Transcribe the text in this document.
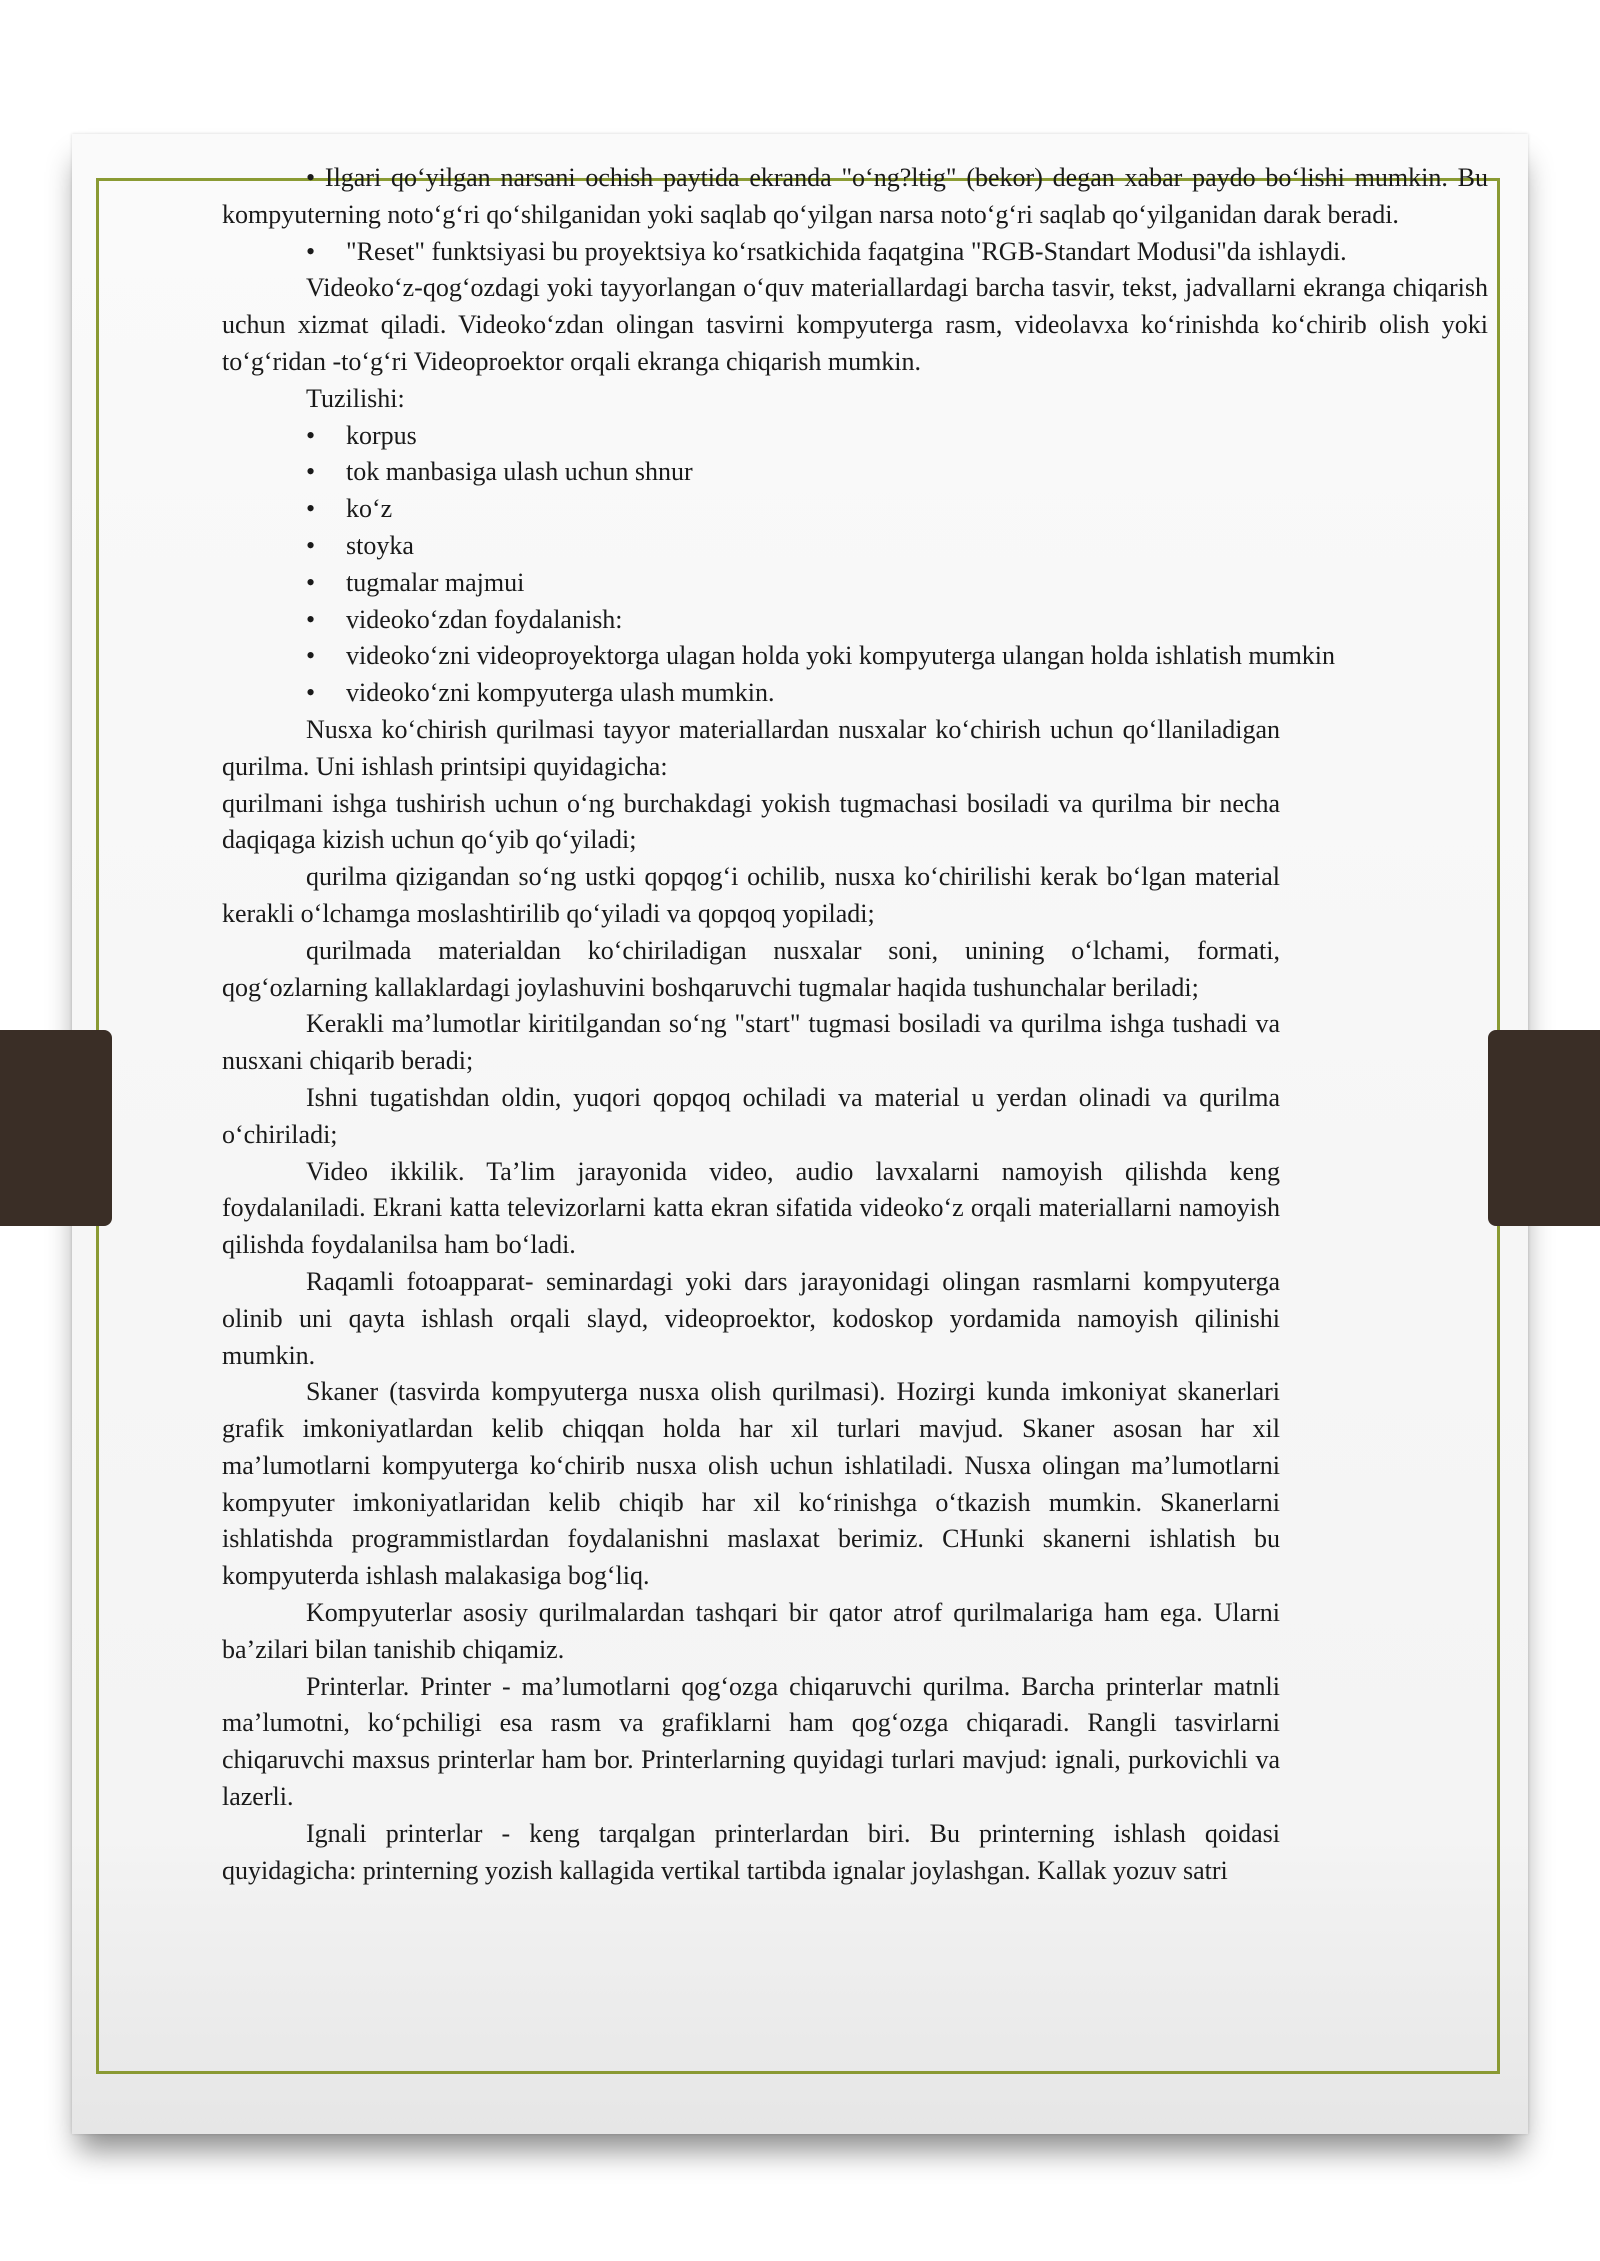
• Ilgari qo‘yilgan narsani ochish paytida ekranda "o‘ng?ltig" (bekor) degan xabar paydo bo‘lishi mumkin. Bu kompyuterning noto‘g‘ri qo‘shilganidan yoki saqlab qo‘yilgan narsa noto‘g‘ri saqlab qo‘yilganidan darak beradi.

• "Reset" funktsiyasi bu proyektsiya ko‘rsatkichida faqatgina "RGB-Standart Modusi"da ishlaydi.

Videoko‘z-qog‘ozdagi yoki tayyorlangan o‘quv materiallardagi barcha tasvir, tekst, jadvallarni ekranga chiqarish uchun xizmat qiladi. Videoko‘zdan olingan tasvirni kompyuterga rasm, videolavxa ko‘rinishda ko‘chirib olish yoki to‘g‘ridan -to‘g‘ri Videoproektor orqali ekranga chiqarish mumkin.

Tuzilishi:

• korpus

• tok manbasiga ulash uchun shnur

• ko‘z

• stoyka

• tugmalar majmui

• videoko‘zdan foydalanish:

• videoko‘zni videoproyektorga ulagan holda yoki kompyuterga ulangan holda ishlatish mumkin

• videoko‘zni kompyuterga ulash mumkin.

Nusxa ko‘chirish qurilmasi tayyor materiallardan nusxalar ko‘chirish uchun qo‘llaniladigan qurilma. Uni ishlash printsipi quyidagicha:

qurilmani ishga tushirish uchun o‘ng burchakdagi yokish tugmachasi bosiladi va qurilma bir necha daqiqaga kizish uchun qo‘yib qo‘yiladi;

qurilma qizigandan so‘ng ustki qopqog‘i ochilib, nusxa ko‘chirilishi kerak bo‘lgan material kerakli o‘lchamga moslashtirilib qo‘yiladi va qopqoq yopiladi;

qurilmada materialdan ko‘chiriladigan nusxalar soni, unining o‘lchami, formati, qog‘ozlarning kallaklardagi joylashuvini boshqaruvchi tugmalar haqida tushunchalar beriladi;

Kerakli ma’lumotlar kiritilgandan so‘ng "start" tugmasi bosiladi va qurilma ishga tushadi va nusxani chiqarib beradi;

Ishni tugatishdan oldin, yuqori qopqoq ochiladi va material u yerdan olinadi va qurilma o‘chiriladi;

Video ikkilik. Ta’lim jarayonida video, audio lavxalarni namoyish qilishda keng foydalaniladi. Ekrani katta televizorlarni katta ekran sifatida videoko‘z orqali materiallarni namoyish qilishda foydalanilsa ham bo‘ladi.

Raqamli fotoapparat- seminardagi yoki dars jarayonidagi olingan rasmlarni kompyuterga olinib uni qayta ishlash orqali slayd, videoproektor, kodoskop yordamida namoyish qilinishi mumkin.

Skaner (tasvirda kompyuterga nusxa olish qurilmasi). Hozirgi kunda imkoniyat skanerlari grafik imkoniyatlardan kelib chiqqan holda har xil turlari mavjud. Skaner asosan har xil ma’lumotlarni kompyuterga ko‘chirib nusxa olish uchun ishlatiladi. Nusxa olingan ma’lumotlarni kompyuter imkoniyatlaridan kelib chiqib har xil ko‘rinishga o‘tkazish mumkin. Skanerlarni ishlatishda programmistlardan foydalanishni maslaxat berimiz. CHunki skanerni ishlatish bu kompyuterda ishlash malakasiga bog‘liq.

Kompyuterlar asosiy qurilmalardan tashqari bir qator atrof qurilmalariga ham ega. Ularni ba’zilari bilan tanishib chiqamiz.

Printerlar. Printer - ma’lumotlarni qog‘ozga chiqaruvchi qurilma. Barcha printerlar matnli ma’lumotni, ko‘pchiligi esa rasm va grafiklarni ham qog‘ozga chiqaradi. Rangli tasvirlarni chiqaruvchi maxsus printerlar ham bor. Printerlarning quyidagi turlari mavjud: ignali, purkovichli va lazerli.

Ignali printerlar - keng tarqalgan printerlardan biri. Bu printerning ishlash qoidasi quyidagicha: printerning yozish kallagida vertikal tartibda ignalar joylashgan. Kallak yozuv satri
